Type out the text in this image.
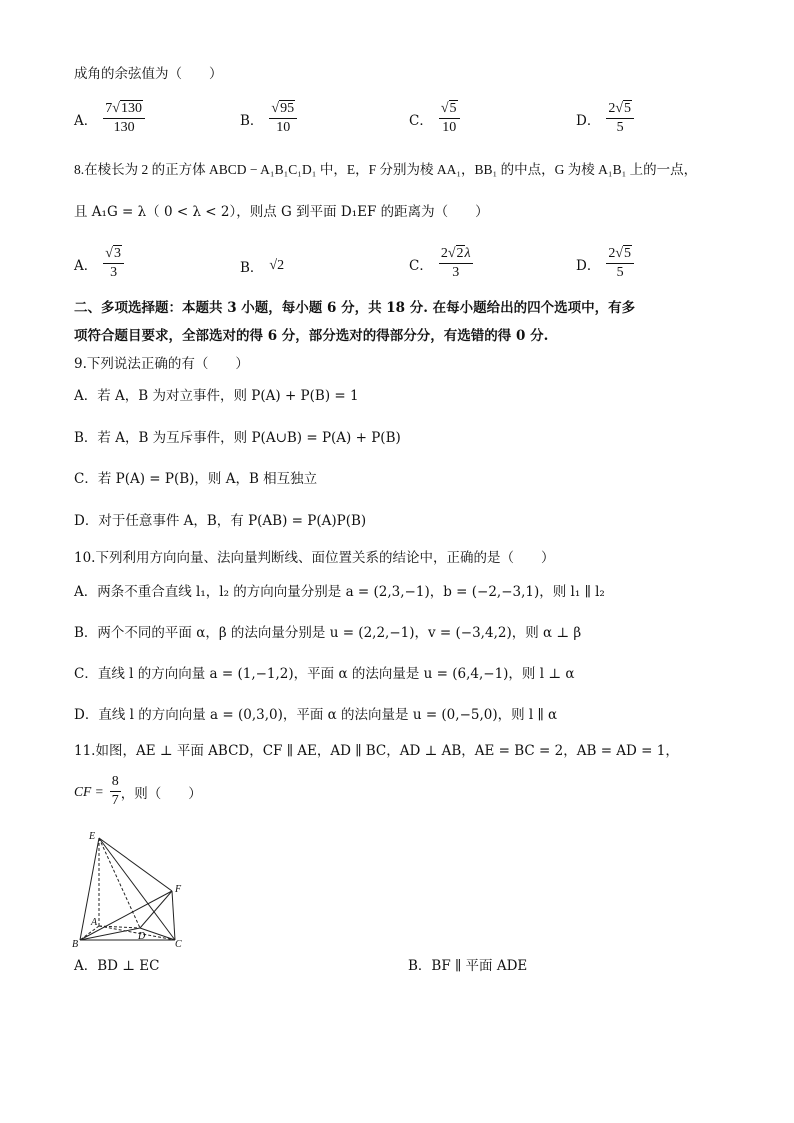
成角的余弦值为（　　）
A． $\frac{7√130}{130}$	B． $\frac{√95}{10}$	C． $\frac{√5}{10}$	D． $\frac{2√5}{5}$
8.在棱长为 2 的正方体 ABCD − A₁B₁C₁D₁ 中，E，F 分别为棱 AA₁，BB₁ 的中点，G 为棱 A₁B₁ 上的一点，
且 A₁G = λ（ 0 < λ < 2），则点 G 到平面 D₁EF 的距离为（　　）
A． $\frac{√3}{3}$	B． √2	C． $\frac{2√2\lambda}{3}$	D． $\frac{2√5}{5}$
二、多项选择题：本题共 3 小题，每小题 6 分，共 18 分. 在每小题给出的四个选项中，有多
项符合题目要求，全部选对的得 6 分，部分选对的得部分分，有选错的得 0 分.
9.下列说法正确的有（　　）
A．若 A，B 为对立事件，则 P(A) + P(B) = 1
B．若 A，B 为互斥事件，则 P(A∪B) = P(A) + P(B)
C．若 P(A) = P(B)，则 A，B 相互独立
D．对于任意事件 A，B，有 P(AB) = P(A)P(B)
10.下列利用方向向量、法向量判断线、面位置关系的结论中，正确的是（　　）
A．两条不重合直线 l₁，l₂ 的方向向量分别是 a = (2,3,−1)，b = (−2,−3,1)，则 l₁ ∥ l₂
B．两个不同的平面 α，β 的法向量分别是 u = (2,2,−1)，v = (−3,4,2)，则 α ⊥ β
C．直线 l 的方向向量 a = (1,−1,2)，平面 α 的法向量是 u = (6,4,−1)，则 l ⊥ α
D．直线 l 的方向向量 a = (0,3,0)，平面 α 的法向量是 u = (0,−5,0)，则 l ∥ α
11.如图，AE ⊥ 平面 ABCD，CF ∥ AE，AD ∥ BC，AD ⊥ AB，AE = BC = 2，AB = AD = 1，
CF = $\frac{8}{7}$ ，则（　　）
E
F
A
B	C
D
A．BD ⊥ EC	B．BF ∥ 平面 ADE
